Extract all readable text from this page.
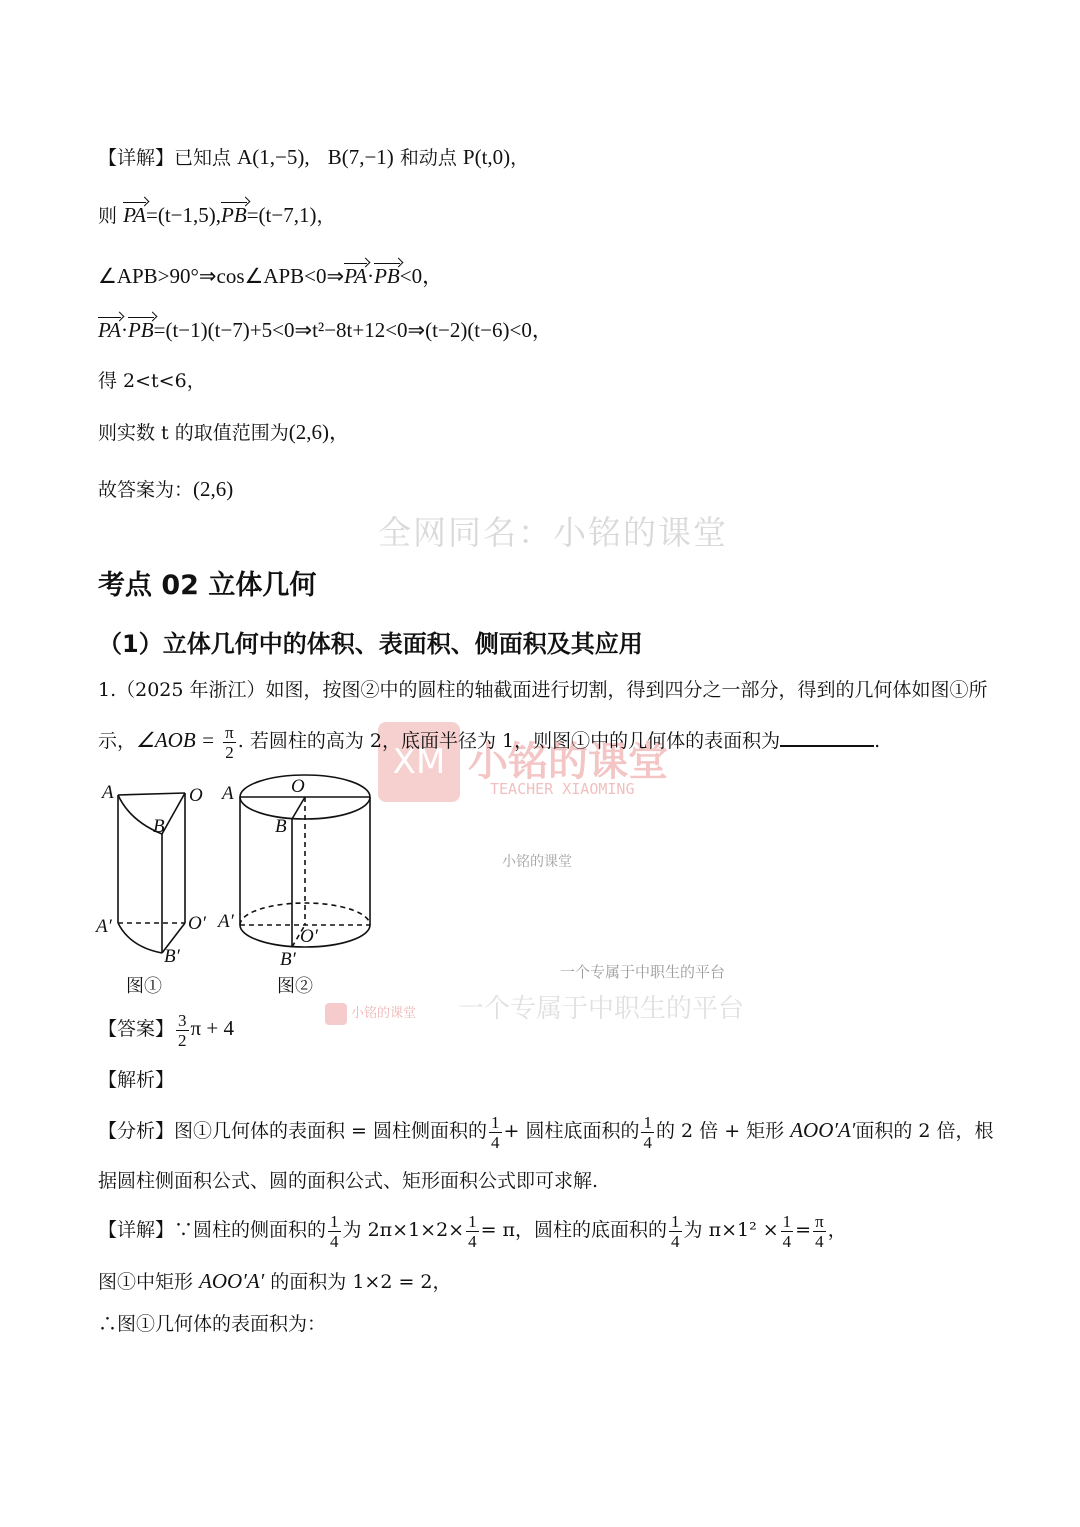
全网同名：小铭的课堂
XM 小铭的课堂
TEACHER XIAOMING
小铭的课堂
一个专属于中职生的平台
一个专属于中职生的平台
小铭的课堂
【详解】已知点 A(1,−5), B(7,−1) 和动点 P(t,0)，
则 PA=(t−1,5),PB=(t−7,1)，
∠APB>90°⇒cos∠APB<0⇒PA·PB<0，
PA·PB=(t−1)(t−7)+5<0⇒t²−8t+12<0⇒(t−2)(t−6)<0，
得 2<t<6，
则实数 t 的取值范围为(2,6)，
故答案为：(2,6)
考点 02 立体几何
（1）立体几何中的体积、表面积、侧面积及其应用
1.（2025 年浙江）如图，按图②中的圆柱的轴截面进行切割，得到四分之一部分，得到的几何体如图①所
示，∠AOB = $\frac{\pi}{2}$ . 若圆柱的高为 2，底面半径为 1，则图①中的几何体的表面积为	.
A	O
B
A′	O′
B′
A	O
B
A′
O′
B′
图①	图②
【答案】 $\frac{3}{2}$ π + 4
【解析】
【分析】图①几何体的表面积 = 圆柱侧面积的 $\frac{1}{4}$ + 圆柱底面积的 $\frac{1}{4}$ 的 2 倍 + 矩形 AOO′A′面积的 2 倍，根
据圆柱侧面积公式、圆的面积公式、矩形面积公式即可求解.
【详解】∵圆柱的侧面积的 $\frac{1}{4}$ 为 $2\pi\times 1\times 2\times \frac{1}{4} = \pi$，圆柱的底面积的 $\frac{1}{4}$ 为 $\pi\times 1^2 \times \frac{1}{4} = \frac{\pi}{4}$ ，
图①中矩形 AOO′A′ 的面积为 1×2 = 2，
∴图①几何体的表面积为：
